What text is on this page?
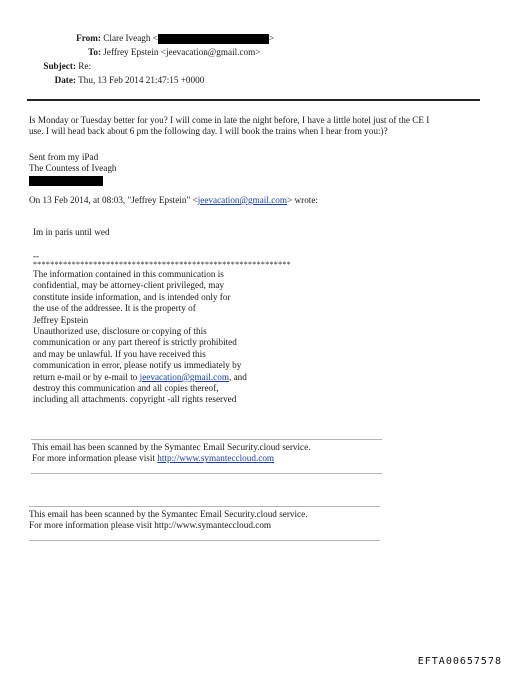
From: Clare Iveagh <	>
To: Jeffrey Epstein <jeevacation@gmail.com>
Subject: Re:
Date: Thu, 13 Feb 2014 21:47:15 +0000
Is Monday or Tuesday better for you? I will come in late the night before, I have a little hotel just of the CE I
use. I will head back about 6 pm the following day. I will book the trains when I hear from you:)?
Sent from my iPad
The Countess of Iveagh
On 13 Feb 2014, at 08:03, "Jeffrey Epstein" <jeevacation@gmail.com> wrote:
Im in paris until wed
--
************************************************************
The information contained in this communication is
confidential, may be attorney-client privileged, may
constitute inside information, and is intended only for
the use of the addressee. It is the property of
Jeffrey Epstein
Unauthorized use, disclosure or copying of this
communication or any part thereof is strictly prohibited
and may be unlawful. If you have received this
communication in error, please notify us immediately by
return e-mail or by e-mail to jeevacation@gmail.com, and
destroy this communication and all copies thereof,
including all attachments. copyright -all rights reserved
This email has been scanned by the Symantec Email Security.cloud service.
For more information please visit http://www.symanteccloud.com
This email has been scanned by the Symantec Email Security.cloud service.
For more information please visit http://www.symanteccloud.com
EFTA00657578
